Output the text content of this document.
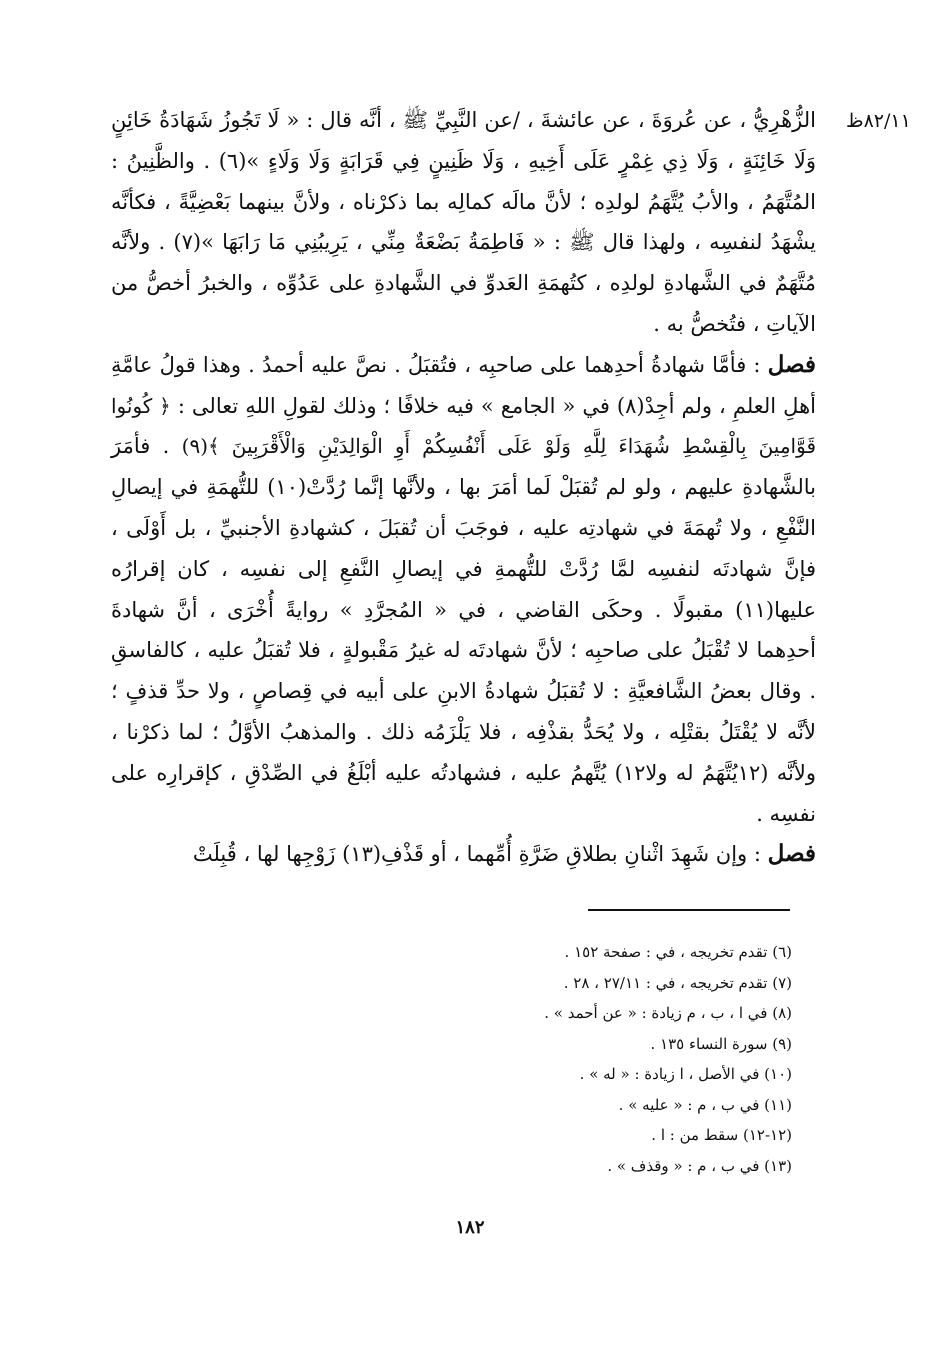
٨٢/١١ظ

الزُّهْرِيُّ ، عن عُروَةَ ، عن عائشةَ ، /عن النَّبِيِّ ﷺ ، أنَّه قال : « لَا تَجُوزُ شَهَادَةُ خَائِنٍ وَلَا خَائِنَةٍ ، وَلَا ذِي غِمْرٍ عَلَى أَخِيهِ ، وَلَا ظَنِينٍ فِي قَرَابَةٍ وَلَا وَلَاءٍ »(٦) . والظَّنِينُ : المُتَّهَمُ ، والأبُ يُتَّهَمُ لولدِه ؛ لأنَّ مالَه كمالِه بما ذكرْناه ، ولأنَّ بينهما بَعْضِيَّةً ، فكأنَّه يشْهَدُ لنفسِه ، ولهذا قال ﷺ : « فَاطِمَةُ بَضْعَةٌ مِنِّي ، يَرِيبُنِي مَا رَابَهَا »(٧) . ولأنَّه مُتَّهَمٌ في الشَّهادةِ لولدِه ، كتُهمَةِ العَدوِّ في الشَّهادةِ على عَدُوِّه ، والخبرُ أخصُّ من الآياتِ ، فتُخصُّ به .

فصل : فأمَّا شهادةُ أحدِهما على صاحبِه ، فتُقبَلُ . نصَّ عليه أحمدُ . وهذا قولُ عامَّةِ أهلِ العلمِ ، ولم أجِدْ(٨) في « الجامع » فيه خلافًا ؛ وذلك لقولِ اللهِ تعالى : ﴿ كُونُوا قَوَّامِينَ بِالْقِسْطِ شُهَدَاءَ لِلَّهِ وَلَوْ عَلَى أَنْفُسِكُمْ أَوِ الْوَالِدَيْنِ وَالْأَقْرَبِينَ ﴾(٩) . فأمَرَ بالشَّهادةِ عليهم ، ولو لم تُقبَلْ لَما أمَرَ بها ، ولأنَّها إنَّما رُدَّتْ(١٠) للتُّهمَةِ في إيصالِ النَّفْعِ ، ولا تُهمَةَ في شهادتِه عليه ، فوجَبَ أن تُقبَلَ ، كشهادةِ الأجنبيِّ ، بل أَوْلَى ، فإنَّ شهادتَه لنفسِه لمَّا رُدَّتْ للتُّهمةِ في إيصالِ النَّفعِ إلى نفسِه ، كان إقرارُه عليها(١١) مقبولًا . وحكَى القاضي ، في « المُجرَّدِ » روايةً أُخْرَى ، أنَّ شهادةَ أحدِهما لا تُقْبَلُ على صاحبِه ؛ لأنَّ شهادتَه له غيرُ مَقْبولةٍ ، فلا تُقبَلُ عليه ، كالفاسقِ . وقال بعضُ الشَّافعيَّةِ : لا تُقبَلُ شهادةُ الابنِ على أبيه في قِصاصٍ ، ولا حدِّ قذفٍ ؛ لأنَّه لا يُقْتَلُ بقتْلِه ، ولا يُحَدُّ بقذْفِه ، فلا يَلْزَمُه ذلك . والمذهبُ الأوَّلُ ؛ لما ذكرْنا ، ولأنَّه (١٢يُتَّهَمُ له ولا١٢) يُتَّهمُ عليه ، فشهادتُه عليه أبْلَغُ في الصِّدْقِ ، كإقرارِه على نفسِه .

فصل : وإن شَهِدَ اثْنانِ بطلاقِ ضَرَّةِ أُمِّهما ، أو قَذْفِ(١٣) زَوْجِها لها ، قُبِلَتْ

(٦) تقدم تخريجه ، في : صفحة ١٥٢ .
(٧) تقدم تخريجه ، في : ٢٧/١١ ، ٢٨ .
(٨) في ا ، ب ، م زيادة : « عن أحمد » .
(٩) سورة النساء ١٣٥ .
(١٠) في الأصل ، ا زيادة : « له » .
(١١) في ب ، م : « عليه » .
(١٢-١٢) سقط من : ا .
(١٣) في ب ، م : « وقذف » .
١٨٢
